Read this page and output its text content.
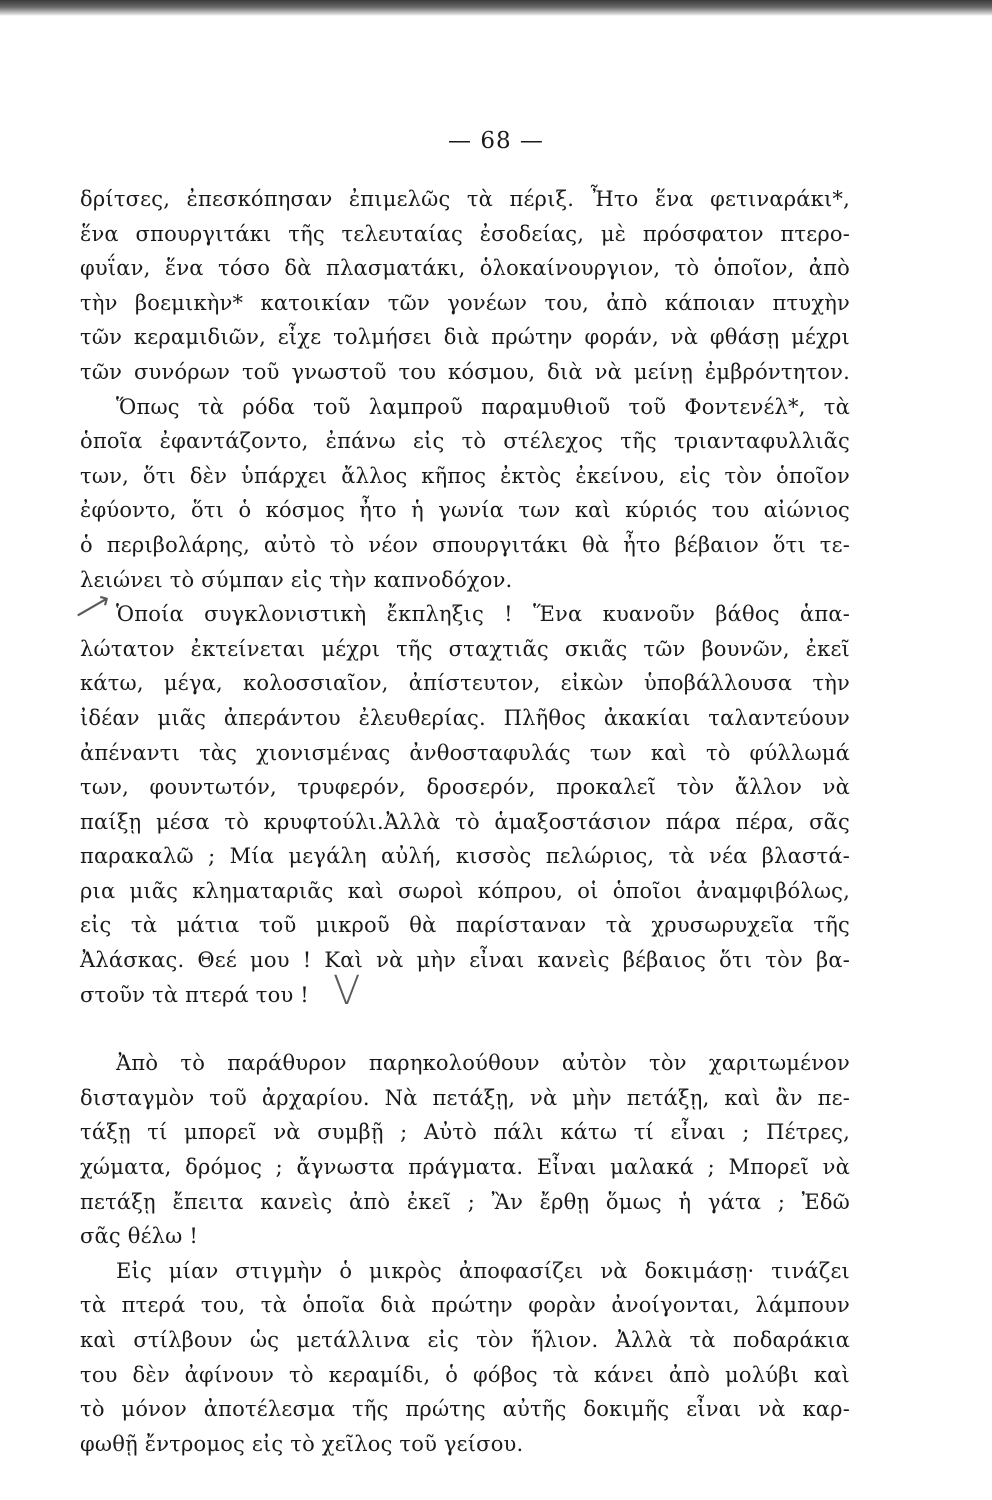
— 68 —
⟶
V
δρίτσες, ἐπεσκόπησαν ἐπιμελῶς τὰ πέριξ. Ἦτο ἕνα φετιναράκι*,
ἕνα σπουργιτάκι τῆς τελευταίας ἐσοδείας, μὲ πρόσφατον πτερο-
φυΐαν, ἕνα τόσο δὰ πλασματάκι, ὁλοκαίνουργιον, τὸ ὁποῖον, ἀπὸ
τὴν βοεμικὴν* κατοικίαν τῶν γονέων του, ἀπὸ κάποιαν πτυχὴν
τῶν κεραμιδιῶν, εἶχε τολμήσει διὰ πρώτην φοράν, νὰ φθάσῃ μέχρι
τῶν συνόρων τοῦ γνωστοῦ του κόσμου, διὰ νὰ μείνῃ ἐμβρόντητον.
Ὅπως τὰ ρόδα τοῦ λαμπροῦ παραμυθιοῦ τοῦ Φοντενέλ*, τὰ
ὁποῖα ἐφαντάζοντο, ἐπάνω εἰς τὸ στέλεχος τῆς τριανταφυλλιᾶς
των, ὅτι δὲν ὑπάρχει ἄλλος κῆπος ἐκτὸς ἐκείνου, εἰς τὸν ὁποῖον
ἐφύοντο, ὅτι ὁ κόσμος ἦτο ἡ γωνία των καὶ κύριός του αἰώνιος
ὁ περιβολάρης, αὐτὸ τὸ νέον σπουργιτάκι θὰ ἦτο βέβαιον ὅτι τε-
λειώνει τὸ σύμπαν εἰς τὴν καπνοδόχον.
Ὁποία συγκλονιστικὴ ἔκπληξις ! Ἕνα κυανοῦν βάθος ἁπα-
λώτατον ἐκτείνεται μέχρι τῆς σταχτιᾶς σκιᾶς τῶν βουνῶν, ἐκεῖ
κάτω, μέγα, κολοσσιαῖον, ἀπίστευτον, εἰκὼν ὑποβάλλουσα τὴν
ἰδέαν μιᾶς ἀπεράντου ἐλευθερίας. Πλῆθος ἀκακίαι ταλαντεύουν
ἀπέναντι τὰς χιονισμένας ἀνθοσταφυλάς των καὶ τὸ φύλλωμά
των, φουντωτόν, τρυφερόν, δροσερόν, προκαλεῖ τὸν ἄλλον νὰ
παίξῃ μέσα τὸ κρυφτούλι.Ἀλλὰ τὸ ἁμαξοστάσιον πάρα πέρα, σᾶς
παρακαλῶ ; Μία μεγάλη αὐλή, κισσὸς πελώριος, τὰ νέα βλαστά-
ρια μιᾶς κληματαριᾶς καὶ σωροὶ κόπρου, οἱ ὁποῖοι ἀναμφιβόλως,
εἰς τὰ μάτια τοῦ μικροῦ θὰ παρίσταναν τὰ χρυσωρυχεῖα τῆς
Ἀλάσκας. Θεέ μου ! Καὶ νὰ μὴν εἶναι κανεὶς βέβαιος ὅτι τὸν βα-
στοῦν τὰ πτερά του !
Ἀπὸ τὸ παράθυρον παρηκολούθουν αὐτὸν τὸν χαριτωμένον
δισταγμὸν τοῦ ἀρχαρίου. Νὰ πετάξῃ, νὰ μὴν πετάξῃ, καὶ ἂν πε-
τάξῃ τί μπορεῖ νὰ συμβῇ ; Αὐτὸ πάλι κάτω τί εἶναι ; Πέτρες,
χώματα, δρόμος ; ἄγνωστα πράγματα. Εἶναι μαλακά ; Μπορεῖ νὰ
πετάξῃ ἔπειτα κανεὶς ἀπὸ ἐκεῖ ; Ἂν ἔρθῃ ὅμως ἡ γάτα ; Ἐδῶ
σᾶς θέλω !
Εἰς μίαν στιγμὴν ὁ μικρὸς ἀποφασίζει νὰ δοκιμάσῃ· τινάζει
τὰ πτερά του, τὰ ὁποῖα διὰ πρώτην φορὰν ἀνοίγονται, λάμπουν
καὶ στίλβουν ὡς μετάλλινα εἰς τὸν ἥλιον. Ἀλλὰ τὰ ποδαράκια
του δὲν ἀφίνουν τὸ κεραμίδι, ὁ φόβος τὰ κάνει ἀπὸ μολύβι καὶ
τὸ μόνον ἀποτέλεσμα τῆς πρώτης αὐτῆς δοκιμῆς εἶναι νὰ καρ-
φωθῇ ἔντρομος εἰς τὸ χεῖλος τοῦ γείσου.
